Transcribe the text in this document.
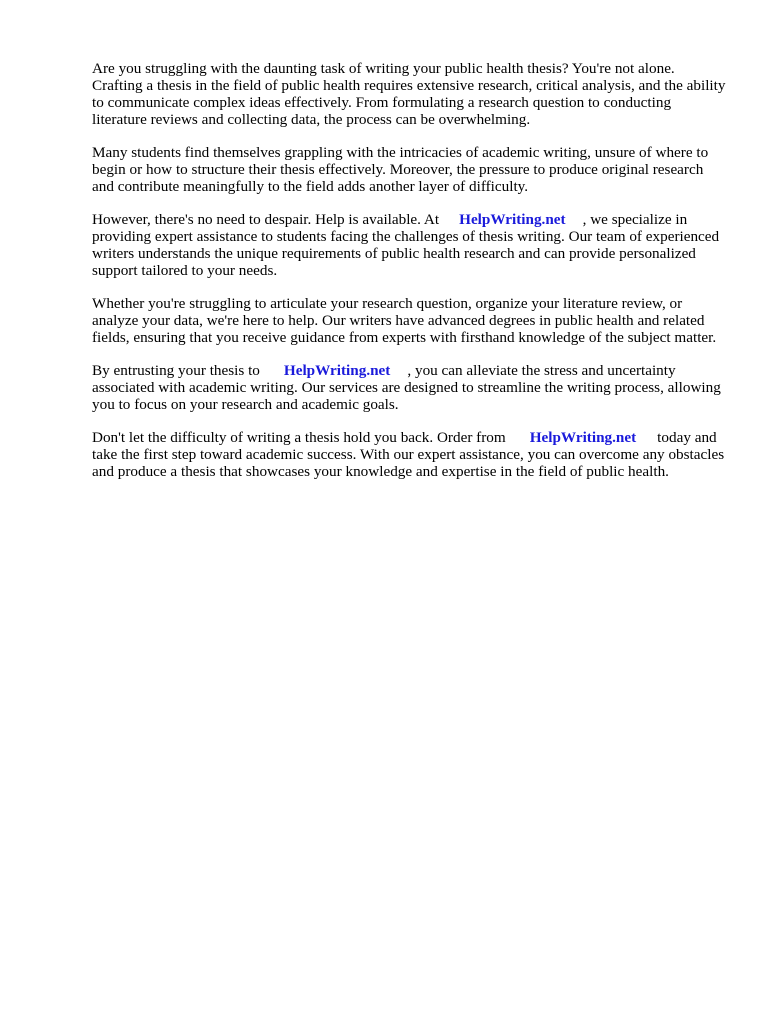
Are you struggling with the daunting task of writing your public health thesis? You're not alone. Crafting a thesis in the field of public health requires extensive research, critical analysis, and the ability to communicate complex ideas effectively. From formulating a research question to conducting literature reviews and collecting data, the process can be overwhelming.

Many students find themselves grappling with the intricacies of academic writing, unsure of where to begin or how to structure their thesis effectively. Moreover, the pressure to produce original research and contribute meaningfully to the field adds another layer of difficulty.

However, there's no need to despair. Help is available. At HelpWriting.net , we specialize in providing expert assistance to students facing the challenges of thesis writing. Our team of experienced writers understands the unique requirements of public health research and can provide personalized support tailored to your needs.

Whether you're struggling to articulate your research question, organize your literature review, or analyze your data, we're here to help. Our writers have advanced degrees in public health and related fields, ensuring that you receive guidance from experts with firsthand knowledge of the subject matter.

By entrusting your thesis to HelpWriting.net , you can alleviate the stress and uncertainty associated with academic writing. Our services are designed to streamline the writing process, allowing you to focus on your research and academic goals.

Don't let the difficulty of writing a thesis hold you back. Order from HelpWriting.net today and take the first step toward academic success. With our expert assistance, you can overcome any obstacles and produce a thesis that showcases your knowledge and expertise in the field of public health.
